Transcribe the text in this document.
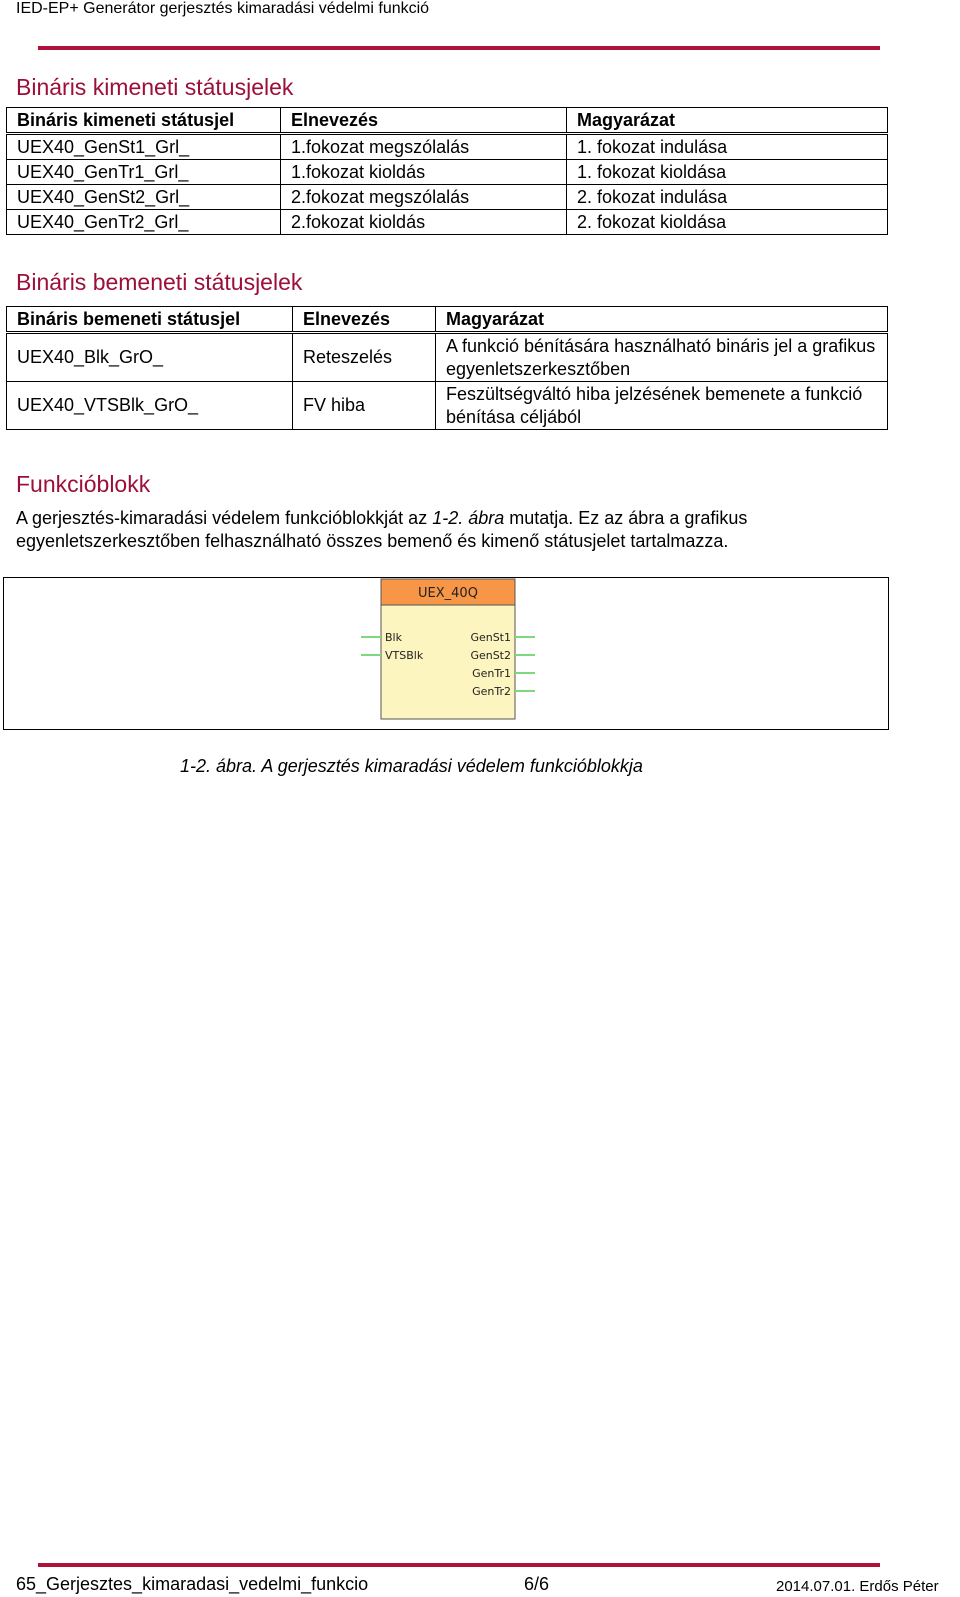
IED-EP+ Generátor gerjesztés kimaradási védelmi funkció
Bináris kimeneti státusjelek
Bináris kimeneti státusjel	Elnevezés	Magyarázat
UEX40_GenSt1_Grl_	1.fokozat megszólalás	1. fokozat indulása
UEX40_GenTr1_Grl_	1.fokozat kioldás	1. fokozat kioldása
UEX40_GenSt2_Grl_	2.fokozat megszólalás	2. fokozat indulása
UEX40_GenTr2_Grl_	2.fokozat kioldás	2. fokozat kioldása
Bináris bemeneti státusjelek
Bináris bemeneti státusjel	Elnevezés	Magyarázat
UEX40_Blk_GrO_	Reteszelés	A funkció bénítására használható bináris jel a grafikus egyenletszerkesztőben
UEX40_VTSBlk_GrO_	FV hiba	Feszültségváltó hiba jelzésének bemenete a funkció bénítása céljából
Funkcióblokk
A gerjesztés-kimaradási védelem funkcióblokkját az 1-2. ábra mutatja. Ez az ábra a grafikus egyenletszerkesztőben felhasználható összes bemenő és kimenő státusjelet tartalmazza.
UEX_40Q
Blk
VTSBlk
GenSt1
GenSt2
GenTr1
GenTr2
1-2. ábra. A gerjesztés kimaradási védelem funkcióblokkja
65_Gerjesztes_kimaradasi_vedelmi_funkcio	6/6	2014.07.01. Erdős Péter
